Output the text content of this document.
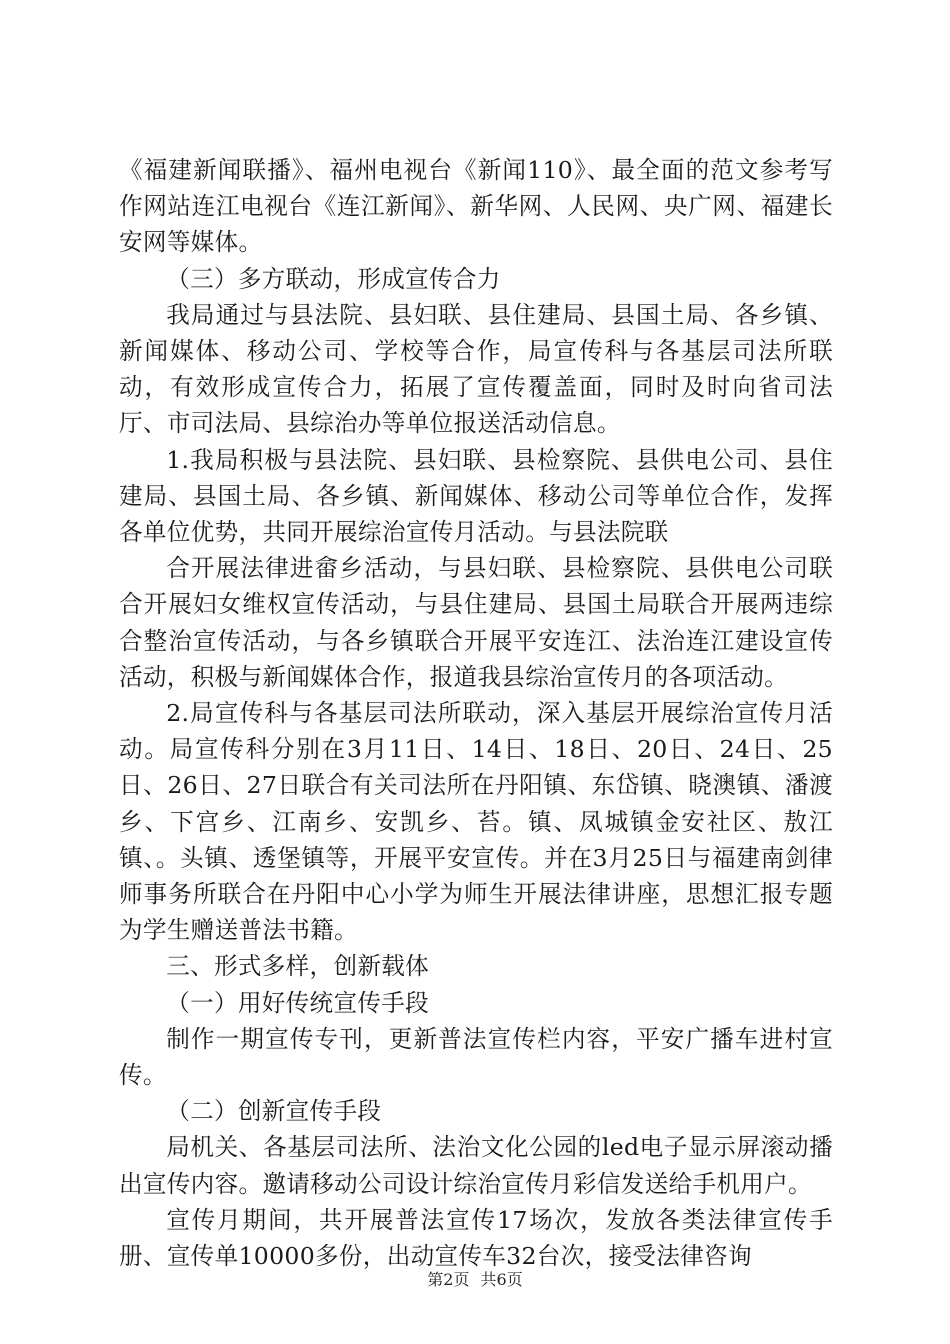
《福建新闻联播》、福州电视台《新闻110》、最全面的范文参考写作网站连江电视台《连江新闻》、新华网、人民网、央广网、福建长安网等媒体。

（三）多方联动，形成宣传合力

我局通过与县法院、县妇联、县住建局、县国土局、各乡镇、新闻媒体、移动公司、学校等合作，局宣传科与各基层司法所联动，有效形成宣传合力，拓展了宣传覆盖面，同时及时向省司法厅、市司法局、县综治办等单位报送活动信息。

1.我局积极与县法院、县妇联、县检察院、县供电公司、县住建局、县国土局、各乡镇、新闻媒体、移动公司等单位合作，发挥各单位优势，共同开展综治宣传月活动。与县法院联

合开展法律进畲乡活动，与县妇联、县检察院、县供电公司联合开展妇女维权宣传活动，与县住建局、县国土局联合开展两违综合整治宣传活动，与各乡镇联合开展平安连江、法治连江建设宣传活动，积极与新闻媒体合作，报道我县综治宣传月的各项活动。

2.局宣传科与各基层司法所联动，深入基层开展综治宣传月活动。局宣传科分别在3月11日、14日、18日、20日、24日、25日、26日、27日联合有关司法所在丹阳镇、东岱镇、晓澳镇、潘渡乡、下宫乡、江南乡、安凯乡、苔。镇、凤城镇金安社区、敖江镇、。头镇、透堡镇等，开展平安宣传。并在3月25日与福建南剑律师事务所联合在丹阳中心小学为师生开展法律讲座，思想汇报专题为学生赠送普法书籍。

三、形式多样，创新载体

（一）用好传统宣传手段

制作一期宣传专刊，更新普法宣传栏内容，平安广播车进村宣传。

（二）创新宣传手段

局机关、各基层司法所、法治文化公园的led电子显示屏滚动播出宣传内容。邀请移动公司设计综治宣传月彩信发送给手机用户。

宣传月期间，共开展普法宣传17场次，发放各类法律宣传手册、宣传单10000多份，出动宣传车32台次，接受法律咨询

第2页 共6页
